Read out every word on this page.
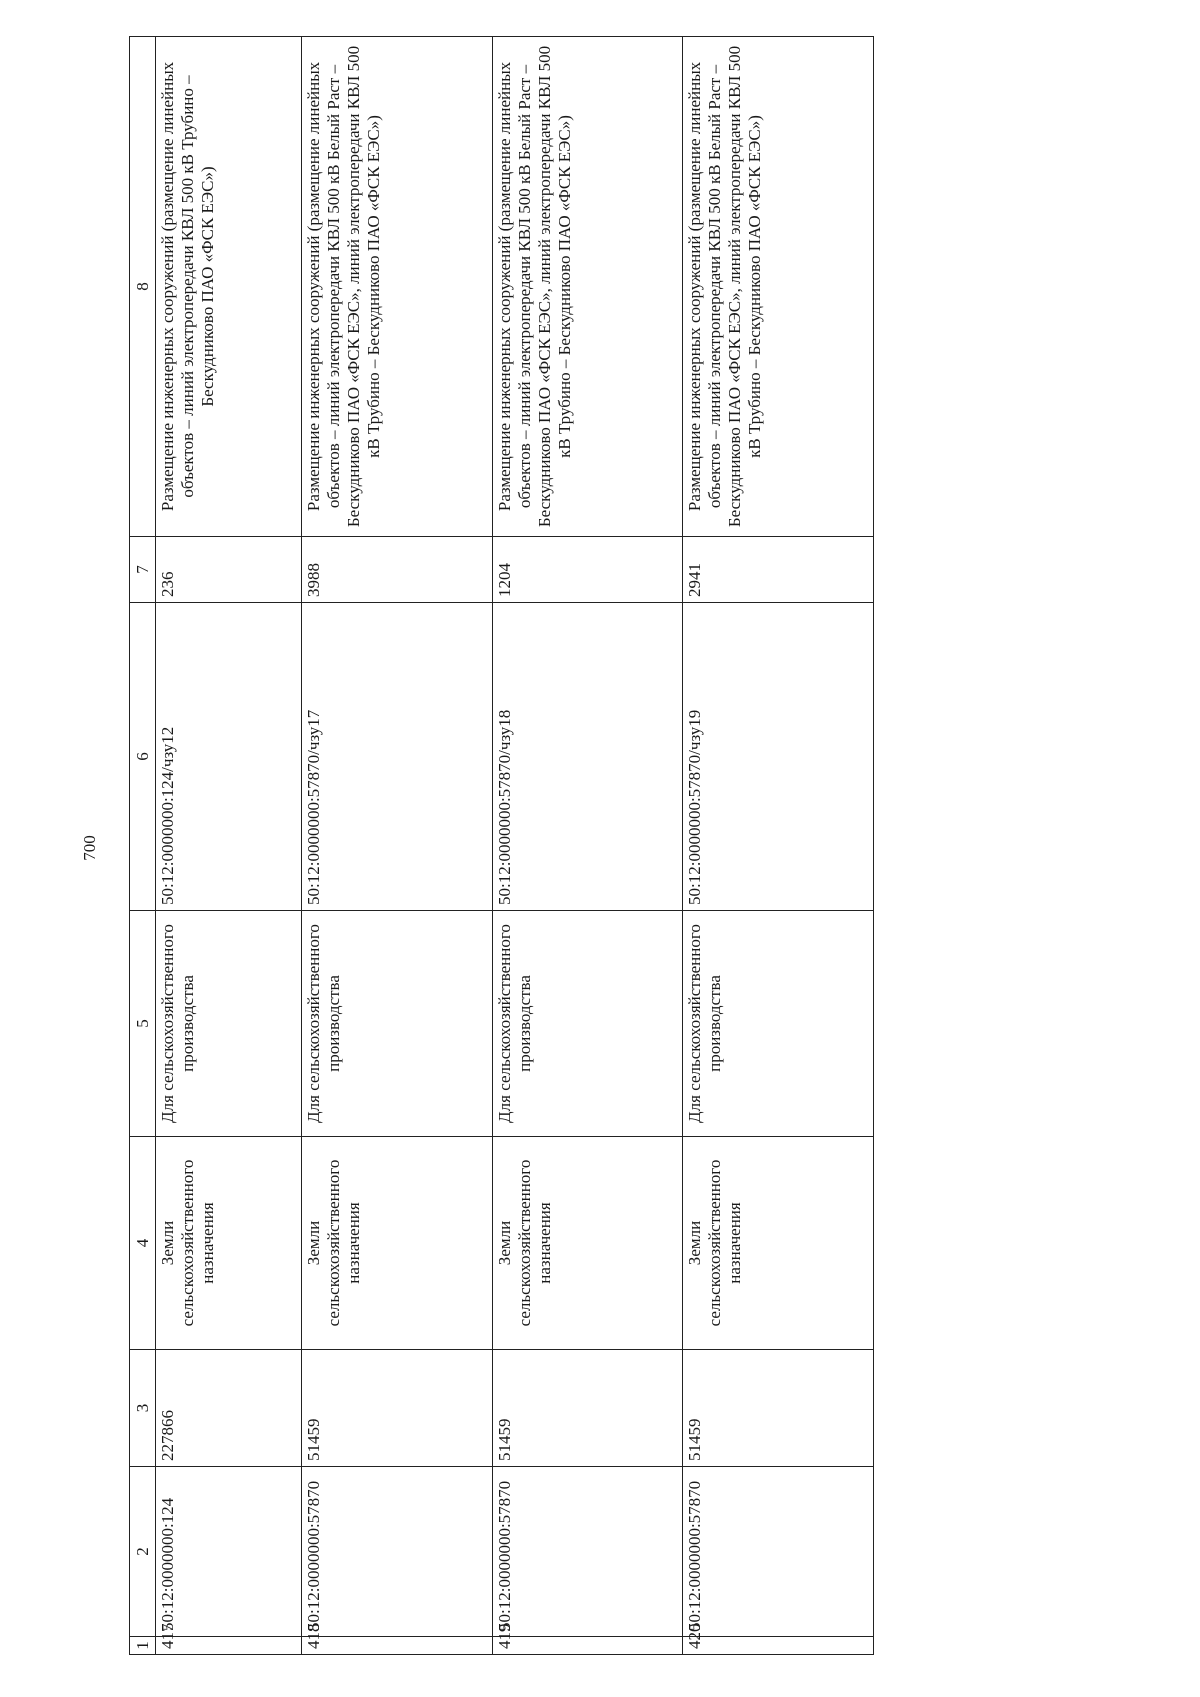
700
1	2	3	4	5	6	7	8
417	50:12:0000000:124	227866	Земли сельскохозяйственного назначения	Для сельскохозяйственного производства	50:12:0000000:124/чзу12	236	Размещение инженерных сооружений (размещение линейных объектов – линий электропередачи КВЛ 500 кВ Трубино – Бескудниково ПАО «ФСК ЕЭС»)
418	50:12:0000000:57870	51459	Земли сельскохозяйственного назначения	Для сельскохозяйственного производства	50:12:0000000:57870/чзу17	3988	Размещение инженерных сооружений (размещение линейных объектов – линий электропередачи КВЛ 500 кВ Белый Раст – Бескудниково ПАО «ФСК ЕЭС», линий электропередачи КВЛ 500 кВ Трубино – Бескудниково ПАО «ФСК ЕЭС»)
419	50:12:0000000:57870	51459	Земли сельскохозяйственного назначения	Для сельскохозяйственного производства	50:12:0000000:57870/чзу18	1204	Размещение инженерных сооружений (размещение линейных объектов – линий электропередачи КВЛ 500 кВ Белый Раст – Бескудниково ПАО «ФСК ЕЭС», линий электропередачи КВЛ 500 кВ Трубино – Бескудниково ПАО «ФСК ЕЭС»)
420	50:12:0000000:57870	51459	Земли сельскохозяйственного назначения	Для сельскохозяйственного производства	50:12:0000000:57870/чзу19	2941	Размещение инженерных сооружений (размещение линейных объектов – линий электропередачи КВЛ 500 кВ Белый Раст – Бескудниково ПАО «ФСК ЕЭС», линий электропередачи КВЛ 500 кВ Трубино – Бескудниково ПАО «ФСК ЕЭС»)
